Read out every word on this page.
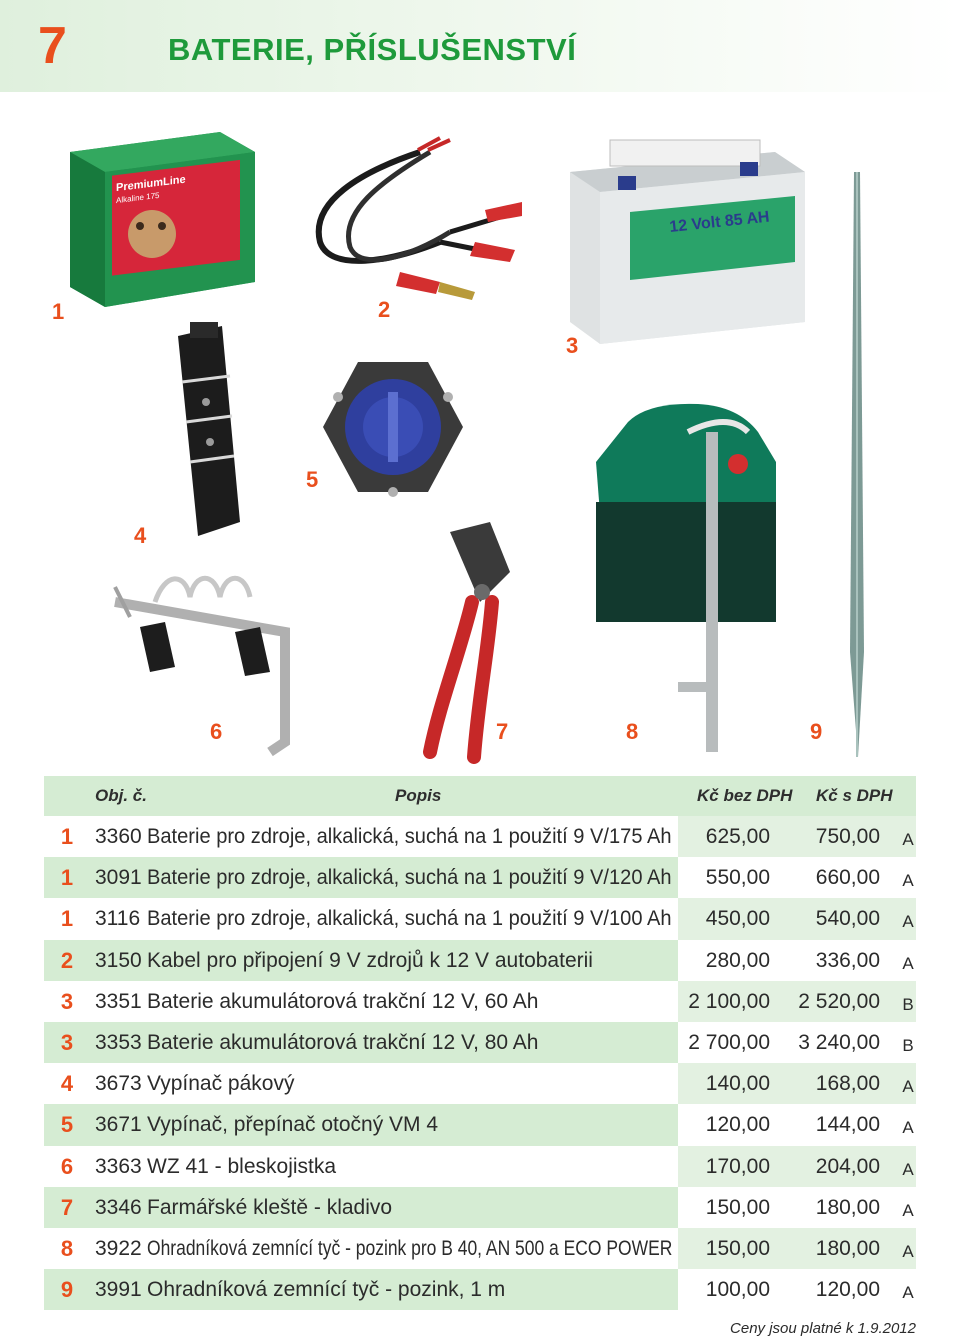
7	BATERIE, PŘÍSLUŠENSTVÍ
PremiumLine
Alkaline 175
1	2
12 Volt 85 AH
3
9
4
5
8
6	7
Obj. č.	Popis	Kč bez DPH Kč s DPH
1	3360 Baterie pro zdroje, alkalická, suchá na 1 použití 9 V/175 Ah	625,00	750,00 A
1	3091 Baterie pro zdroje, alkalická, suchá na 1 použití 9 V/120 Ah	550,00	660,00 A
1	3116 Baterie pro zdroje, alkalická, suchá na 1 použití 9 V/100 Ah	450,00	540,00 A
2	3150 Kabel pro připojení 9 V zdrojů k 12 V autobaterii	280,00	336,00 A
3	3351 Baterie akumulátorová trakční 12 V, 60 Ah	2 100,00	2 520,00 B
3	3353 Baterie akumulátorová trakční 12 V, 80 Ah	2 700,00	3 240,00 B
4	3673 Vypínač pákový	140,00	168,00 A
5	3671 Vypínač, přepínač otočný VM 4	120,00	144,00 A
6	3363 WZ 41 - bleskojistka	170,00	204,00 A
7	3346 Farmářské kleště - kladivo	150,00	180,00 A
8	3922 Ohradníková zemnící tyč - pozink pro B 40, AN 500 a ECO POWER	150,00	180,00 A
9	3991 Ohradníková zemnící tyč - pozink, 1 m	100,00	120,00 A
Ceny jsou platné k 1.9.2012
